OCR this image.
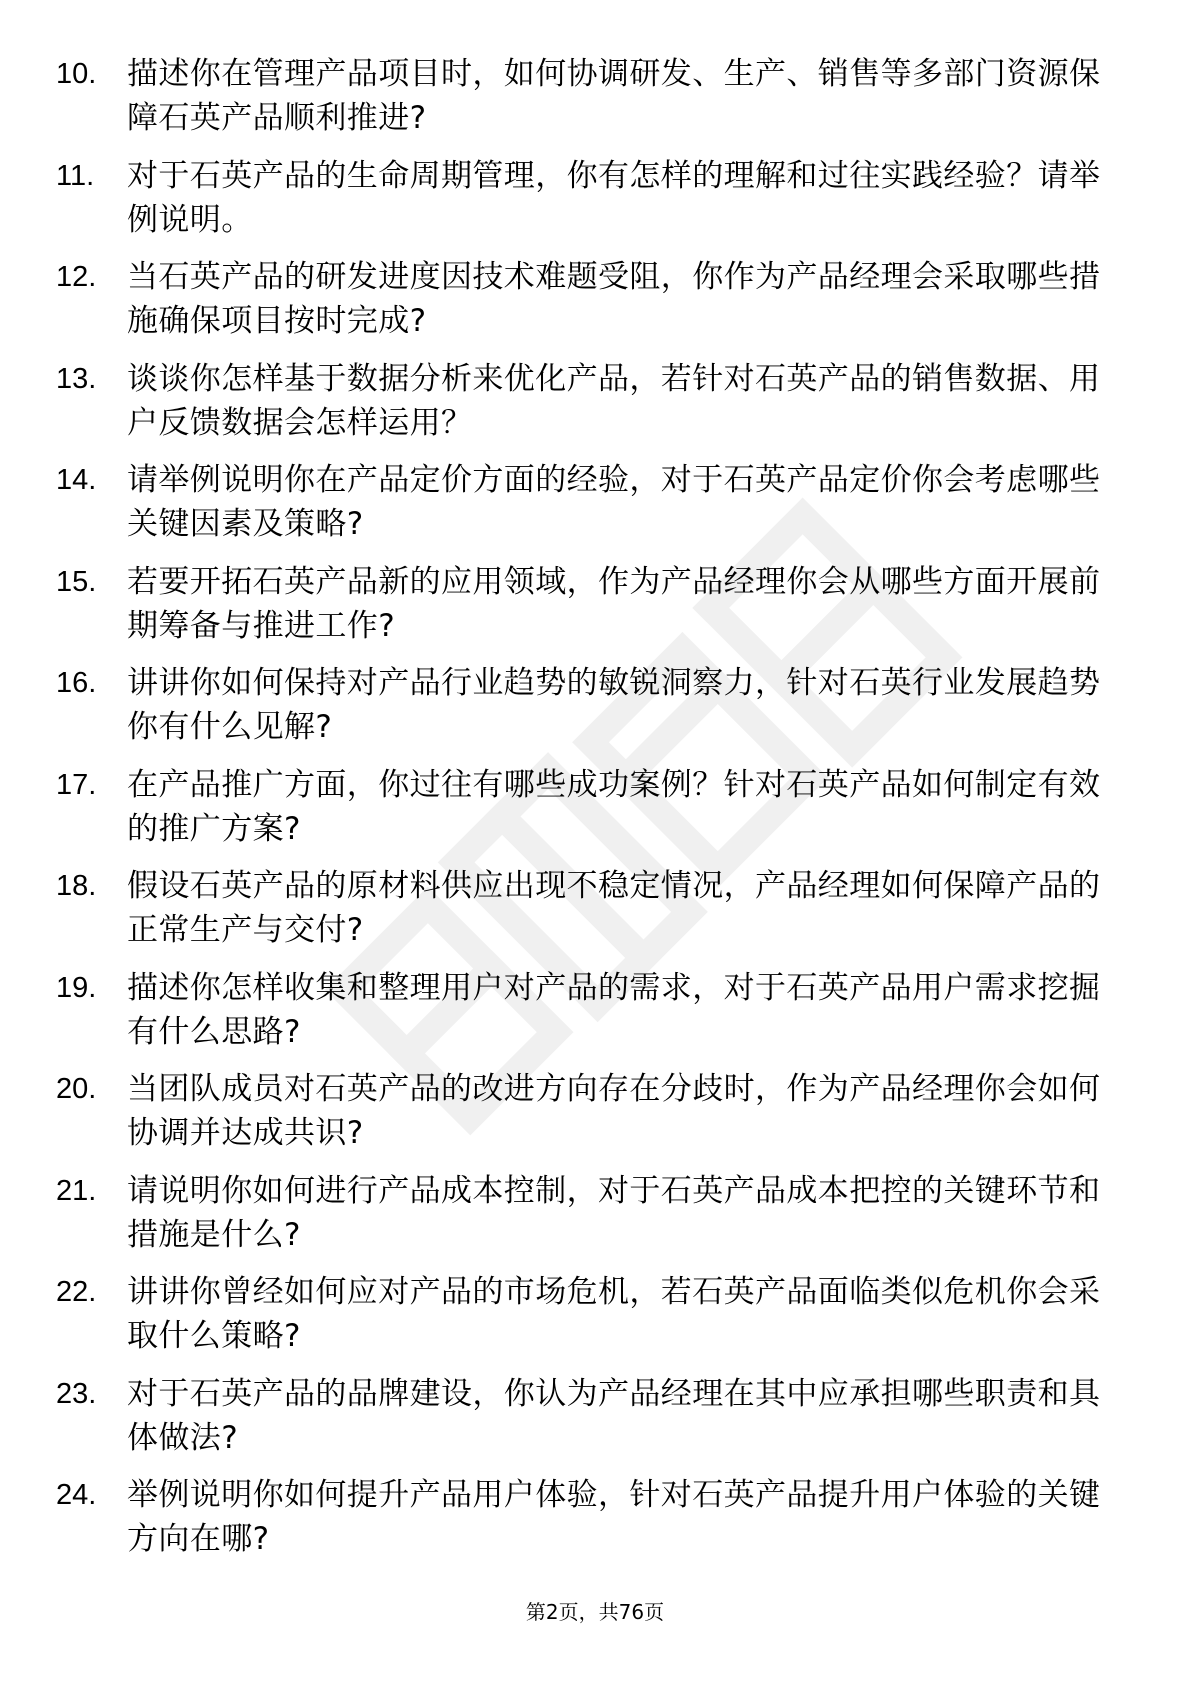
10. 描述你在管理产品项目时，如何协调研发、生产、销售等多部门资源保障石英产品顺利推进?
11.	对于石英产品的生命周期管理，你有怎样的理解和过往实践经验？请举例说明。
12. 当石英产品的研发进度因技术难题受阻，你作为产品经理会采取哪些措施确保项目按时完成?
13. 谈谈你怎样基于数据分析来优化产品，若针对石英产品的销售数据、用户反馈数据会怎样运用？
14. 请举例说明你在产品定价方面的经验，对于石英产品定价你会考虑哪些关键因素及策略?
15. 若要开拓石英产品新的应用领域，作为产品经理你会从哪些方面开展前期筹备与推进工作?
16. 讲讲你如何保持对产品行业趋势的敏锐洞察力，针对石英行业发展趋势你有什么见解?
17. 在产品推广方面，你过往有哪些成功案例？针对石英产品如何制定有效的推广方案?
18. 假设石英产品的原材料供应出现不稳定情况，产品经理如何保障产品的正常生产与交付?
19. 描述你怎样收集和整理用户对产品的需求，对于石英产品用户需求挖掘有什么思路?
20. 当团队成员对石英产品的改进方向存在分歧时，作为产品经理你会如何协调并达成共识?
21. 请说明你如何进行产品成本控制，对于石英产品成本把控的关键环节和措施是什么?
22. 讲讲你曾经如何应对产品的市场危机，若石英产品面临类似危机你会采取什么策略?
23. 对于石英产品的品牌建设，你认为产品经理在其中应承担哪些职责和具体做法?
24. 举例说明你如何提升产品用户体验，针对石英产品提升用户体验的关键方向在哪?
第2页，共76页
